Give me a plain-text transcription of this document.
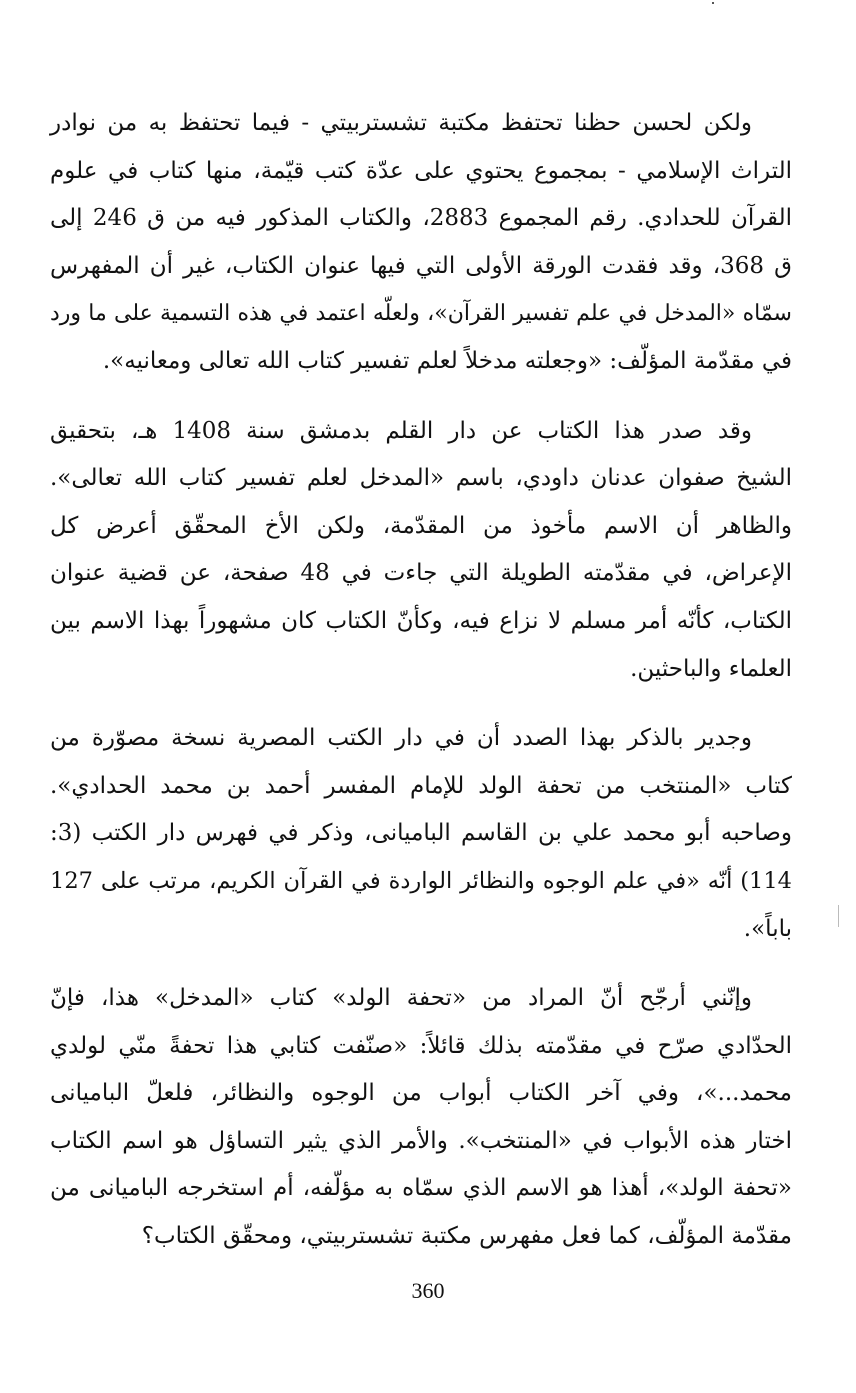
ولكن لحسن حظنا تحتفظ مكتبة تشستربيتي - فيما تحتفظ به من نوادر
التراث الإسلامي - بمجموع يحتوي على عدّة كتب قيّمة، منها كتاب في علوم
القرآن للحدادي. رقم المجموع 2883، والكتاب المذكور فيه من ق 246 إلى
ق 368، وقد فقدت الورقة الأولى التي فيها عنوان الكتاب، غير أن المفهرس
سمّاه «المدخل في علم تفسير القرآن»، ولعلّه اعتمد في هذه التسمية على ما ورد
في مقدّمة المؤلّف: «وجعلته مدخلاً لعلم تفسير كتاب الله تعالى ومعانيه».

وقد صدر هذا الكتاب عن دار القلم بدمشق سنة 1408 هـ، بتحقيق
الشيخ صفوان عدنان داودي، باسم «المدخل لعلم تفسير كتاب الله تعالى».
والظاهر أن الاسم مأخوذ من المقدّمة، ولكن الأخ المحقّق أعرض كل
الإعراض، في مقدّمته الطويلة التي جاءت في 48 صفحة، عن قضية عنوان
الكتاب، كأنّه أمر مسلم لا نزاع فيه، وكأنّ الكتاب كان مشهوراً بهذا الاسم بين
العلماء والباحثين.

وجدير بالذكر بهذا الصدد أن في دار الكتب المصرية نسخة مصوّرة من
كتاب «المنتخب من تحفة الولد للإمام المفسر أحمد بن محمد الحدادي».
وصاحبه أبو محمد علي بن القاسم الباميانى، وذكر في فهرس دار الكتب (3:
114) أنّه «في علم الوجوه والنظائر الواردة في القرآن الكريم، مرتب على 127
باباً».

وإنّني أرجّح أنّ المراد من «تحفة الولد» كتاب «المدخل» هذا، فإنّ
الحدّادي صرّح في مقدّمته بذلك قائلاً: «صنّفت كتابي هذا تحفةً منّي لولدي
محمد...»، وفي آخر الكتاب أبواب من الوجوه والنظائر، فلعلّ الباميانى
اختار هذه الأبواب في «المنتخب». والأمر الذي يثير التساؤل هو اسم الكتاب
«تحفة الولد»، أهذا هو الاسم الذي سمّاه به مؤلّفه، أم استخرجه الباميانى من
مقدّمة المؤلّف، كما فعل مفهرس مكتبة تشستربيتي، ومحقّق الكتاب؟

360
